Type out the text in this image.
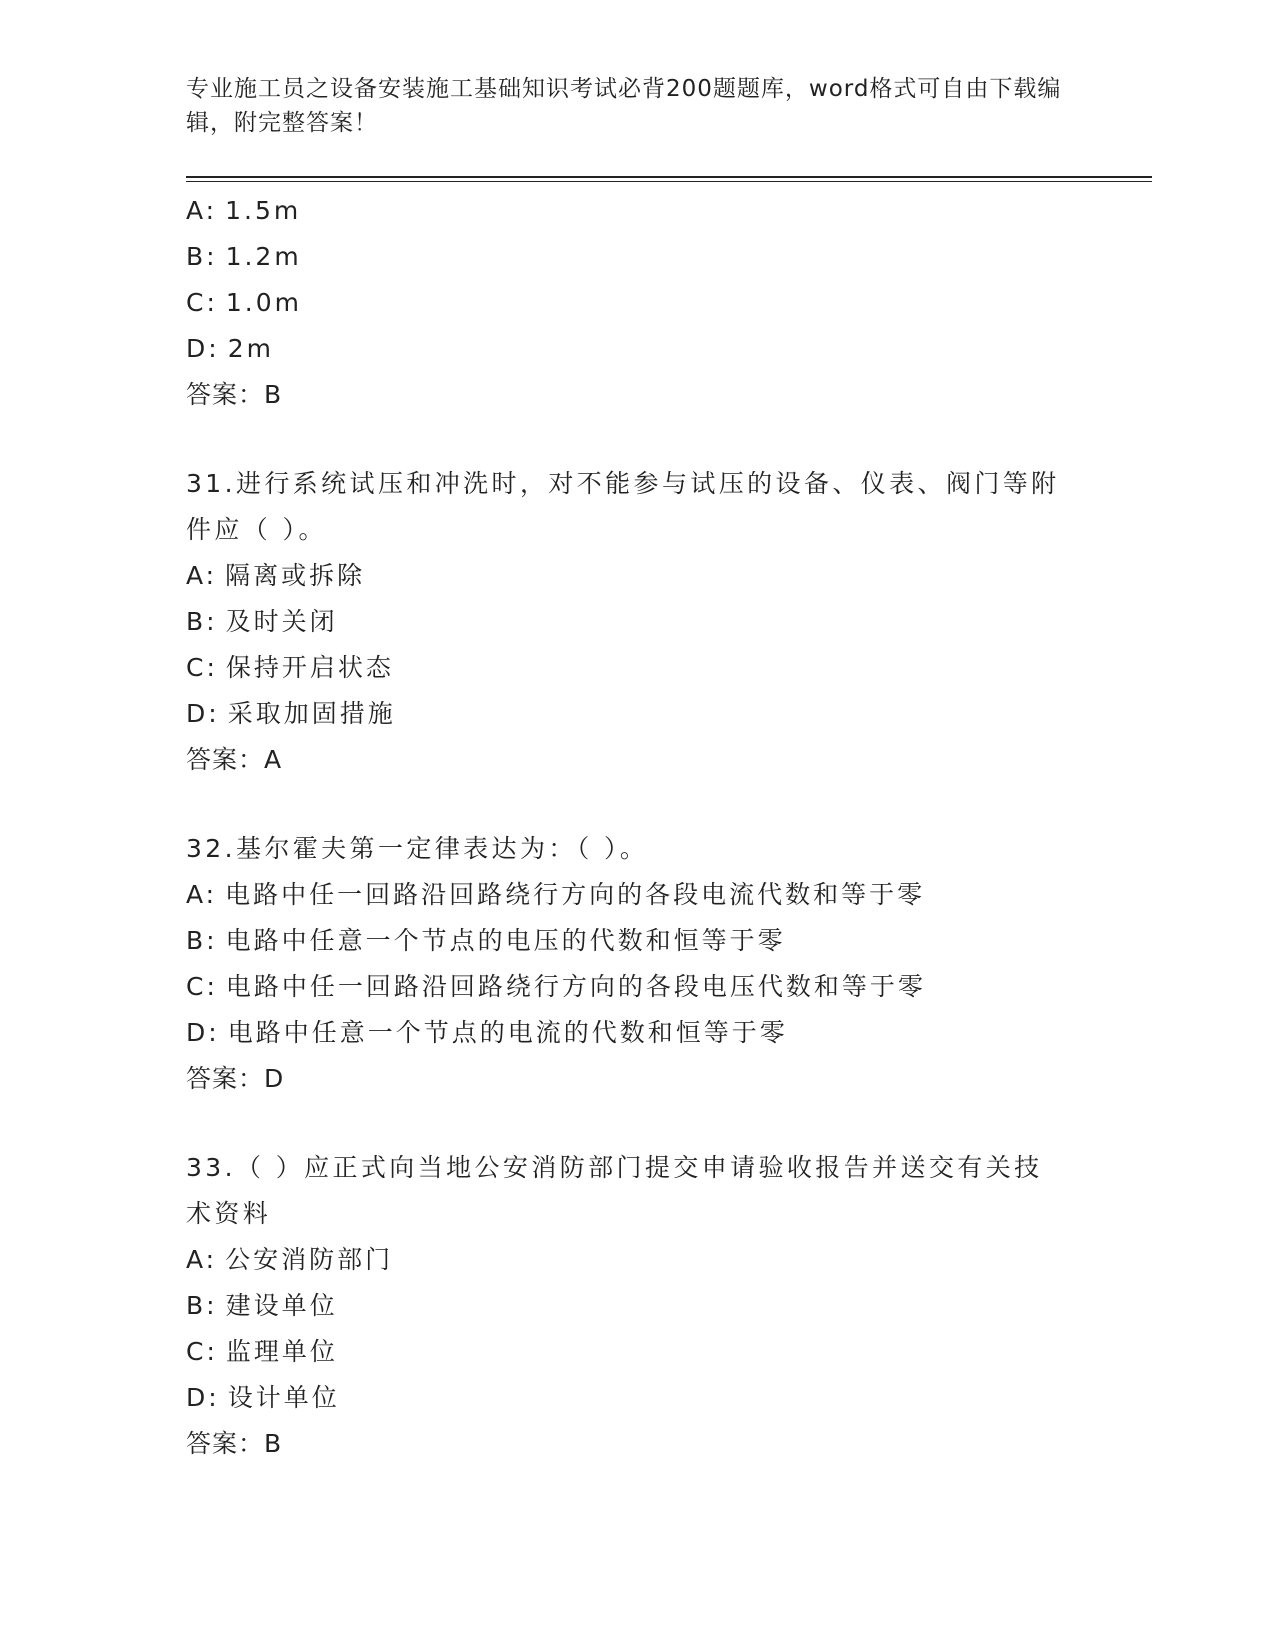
专业施工员之设备安装施工基础知识考试必背200题题库，word格式可自由下载编辑，附完整答案！
A: 1.5m
B: 1.2m
C: 1.0m
D: 2m
答案：B
31.进行系统试压和冲洗时，对不能参与试压的设备、仪表、阀门等附件应（ ）。
A: 隔离或拆除
B: 及时关闭
C: 保持开启状态
D: 采取加固措施
答案：A
32.基尔霍夫第一定律表达为：（ ）。
A: 电路中任一回路沿回路绕行方向的各段电流代数和等于零
B: 电路中任意一个节点的电压的代数和恒等于零
C: 电路中任一回路沿回路绕行方向的各段电压代数和等于零
D: 电路中任意一个节点的电流的代数和恒等于零
答案：D
33.（ ）应正式向当地公安消防部门提交申请验收报告并送交有关技术资料
A: 公安消防部门
B: 建设单位
C: 监理单位
D: 设计单位
答案：B
